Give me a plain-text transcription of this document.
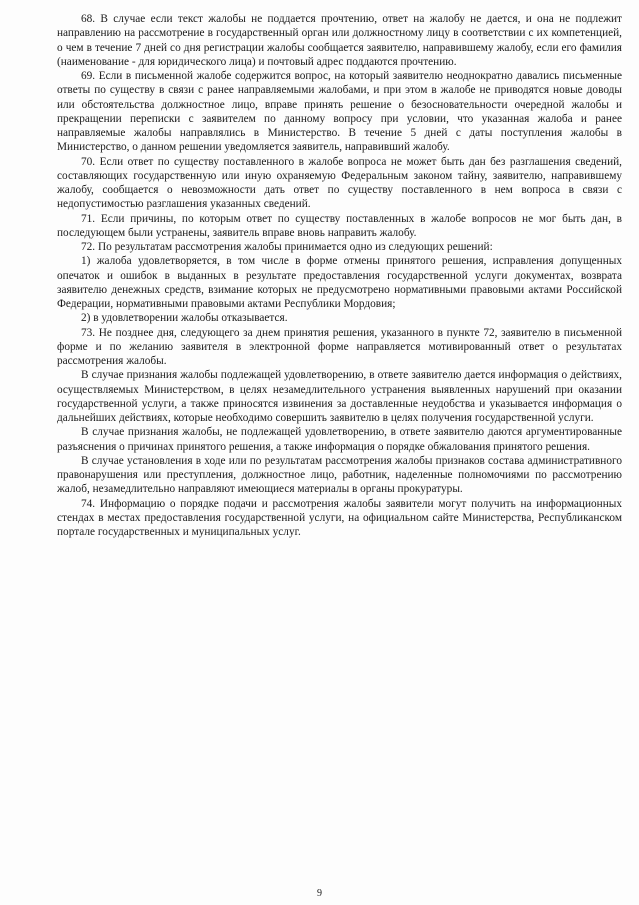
68. В случае если текст жалобы не поддается прочтению, ответ на жалобу не дается, и она не подлежит направлению на рассмотрение в государственный орган или должностному лицу в соответствии с их компетенцией, о чем в течение 7 дней со дня регистрации жалобы сообщается заявителю, направившему жалобу, если его фамилия (наименование - для юридического лица) и почтовый адрес поддаются прочтению.

69. Если в письменной жалобе содержится вопрос, на который заявителю неоднократно давались письменные ответы по существу в связи с ранее направляемыми жалобами, и при этом в жалобе не приводятся новые доводы или обстоятельства должностное лицо, вправе принять решение о безосновательности очередной жалобы и прекращении переписки с заявителем по данному вопросу при условии, что указанная жалоба и ранее направляемые жалобы направлялись в Министерство. В течение 5 дней с даты поступления жалобы в Министерство, о данном решении уведомляется заявитель, направивший жалобу.

70. Если ответ по существу поставленного в жалобе вопроса не может быть дан без разглашения сведений, составляющих государственную или иную охраняемую Федеральным законом тайну, заявителю, направившему жалобу, сообщается о невозможности дать ответ по существу поставленного в нем вопроса в связи с недопустимостью разглашения указанных сведений.

71. Если причины, по которым ответ по существу поставленных в жалобе вопросов не мог быть дан, в последующем были устранены, заявитель вправе вновь направить жалобу.

72. По результатам рассмотрения жалобы принимается одно из следующих решений:

1) жалоба удовлетворяется, в том числе в форме отмены принятого решения, исправления допущенных опечаток и ошибок в выданных в результате предоставления государственной услуги документах, возврата заявителю денежных средств, взимание которых не предусмотрено нормативными правовыми актами Российской Федерации, нормативными правовыми актами Республики Мордовия;

2) в удовлетворении жалобы отказывается.

73. Не позднее дня, следующего за днем принятия решения, указанного в пункте 72, заявителю в письменной форме и по желанию заявителя в электронной форме направляется мотивированный ответ о результатах рассмотрения жалобы.

В случае признания жалобы подлежащей удовлетворению, в ответе заявителю дается информация о действиях, осуществляемых Министерством, в целях незамедлительного устранения выявленных нарушений при оказании государственной услуги, а также приносятся извинения за доставленные неудобства и указывается информация о дальнейших действиях, которые необходимо совершить заявителю в целях получения государственной услуги.

В случае признания жалобы, не подлежащей удовлетворению, в ответе заявителю даются аргументированные разъяснения о причинах принятого решения, а также информация о порядке обжалования принятого решения.

В случае установления в ходе или по результатам рассмотрения жалобы признаков состава административного правонарушения или преступления, должностное лицо, работник, наделенные полномочиями по рассмотрению жалоб, незамедлительно направляют имеющиеся материалы в органы прокуратуры.

74. Информацию о порядке подачи и рассмотрения жалобы заявители могут получить на информационных стендах в местах предоставления государственной услуги, на официальном сайте Министерства, Республиканском портале государственных и муниципальных услуг.

9
